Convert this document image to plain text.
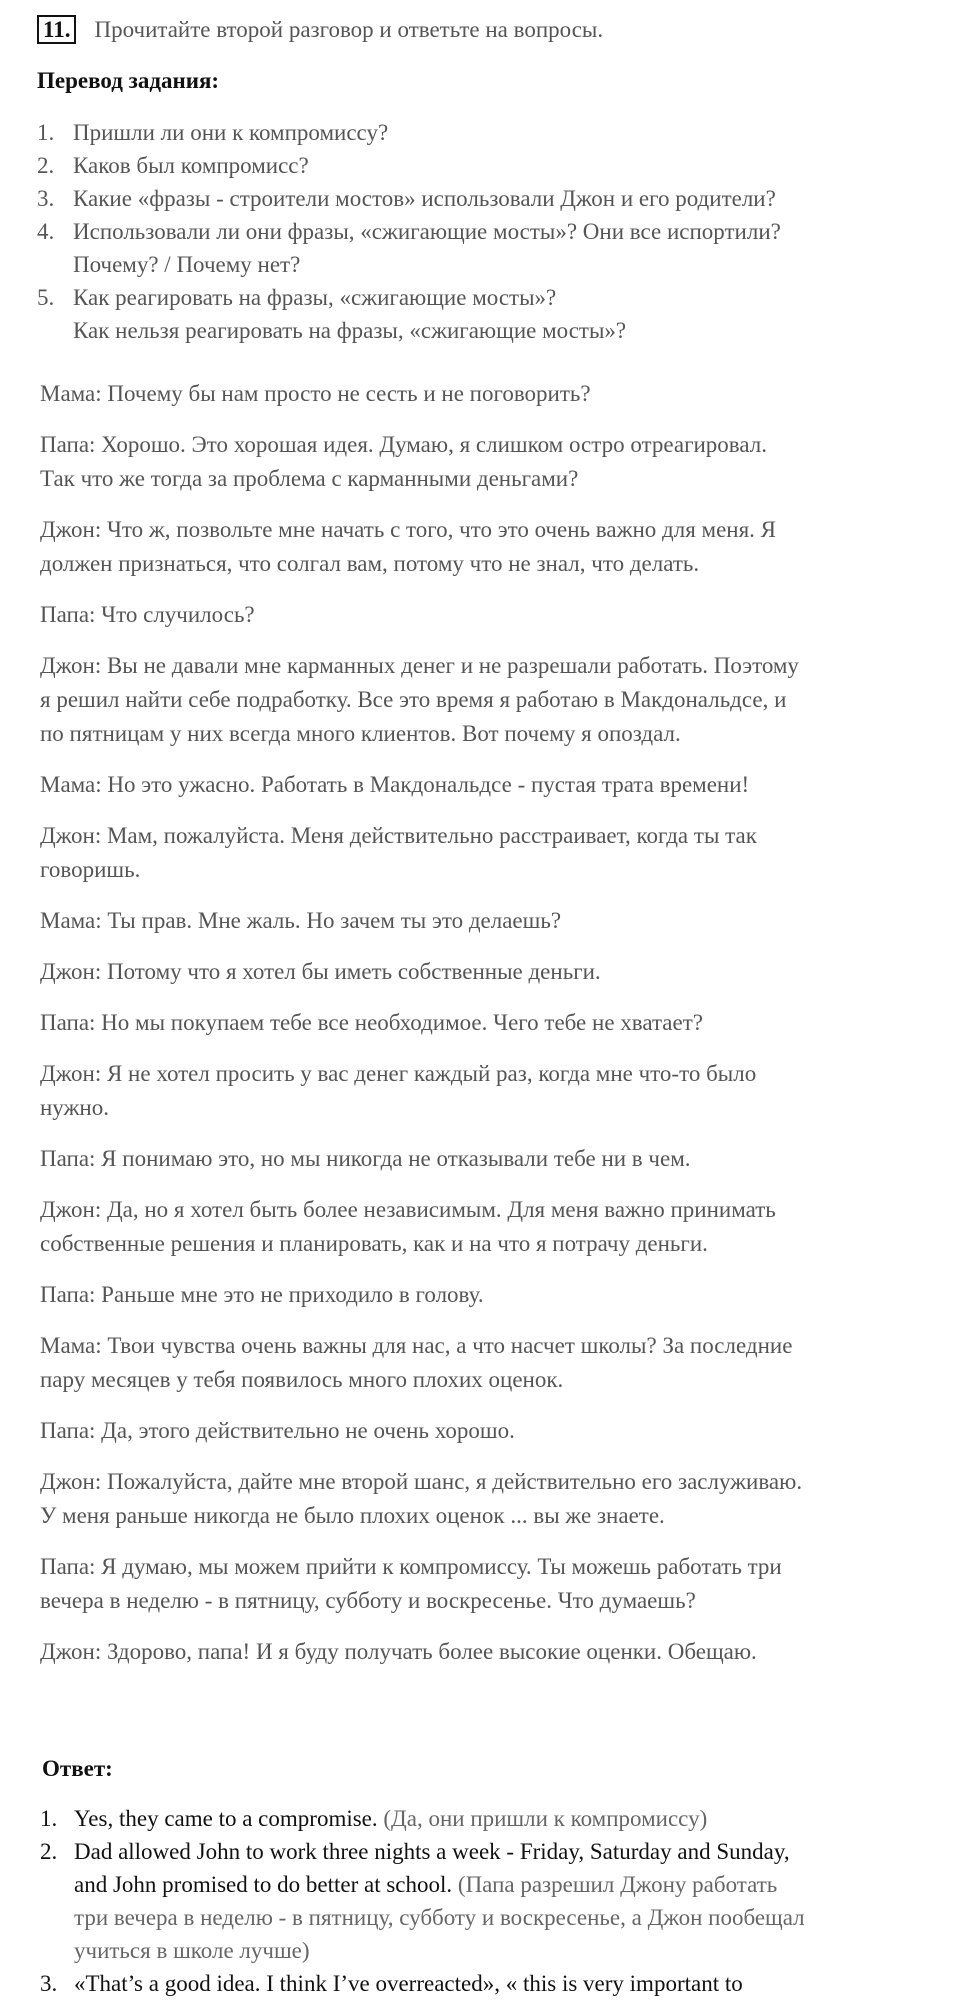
11. Прочитайте второй разговор и ответьте на вопросы.
Перевод задания:
1. Пришли ли они к компромиссу?
2. Каков был компромисс?
3. Какие «фразы - строители мостов» использовали Джон и его родители?
4. Использовали ли они фразы, «сжигающие мосты»? Они все испортили?
Почему? / Почему нет?
5. Как реагировать на фразы, «сжигающие мосты»?
Как нельзя реагировать на фразы, «сжигающие мосты»?

Мама: Почему бы нам просто не сесть и не поговорить?

Папа: Хорошо. Это хорошая идея. Думаю, я слишком остро отреагировал.
Так что же тогда за проблема с карманными деньгами?

Джон: Что ж, позвольте мне начать с того, что это очень важно для меня. Я
должен признаться, что солгал вам, потому что не знал, что делать.

Папа: Что случилось?

Джон: Вы не давали мне карманных денег и не разрешали работать. Поэтому
я решил найти себе подработку. Все это время я работаю в Макдональдсе, и
по пятницам у них всегда много клиентов. Вот почему я опоздал.

Мама: Но это ужасно. Работать в Макдональдсе - пустая трата времени!

Джон: Мам, пожалуйста. Меня действительно расстраивает, когда ты так
говоришь.

Мама: Ты прав. Мне жаль. Но зачем ты это делаешь?

Джон: Потому что я хотел бы иметь собственные деньги.

Папа: Но мы покупаем тебе все необходимое. Чего тебе не хватает?

Джон: Я не хотел просить у вас денег каждый раз, когда мне что-то было
нужно.

Папа: Я понимаю это, но мы никогда не отказывали тебе ни в чем.

Джон: Да, но я хотел быть более независимым. Для меня важно принимать
собственные решения и планировать, как и на что я потрачу деньги.

Папа: Раньше мне это не приходило в голову.

Мама: Твои чувства очень важны для нас, а что насчет школы? За последние
пару месяцев у тебя появилось много плохих оценок.

Папа: Да, этого действительно не очень хорошо.

Джон: Пожалуйста, дайте мне второй шанс, я действительно его заслуживаю.
У меня раньше никогда не было плохих оценок ... вы же знаете.

Папа: Я думаю, мы можем прийти к компромиссу. Ты можешь работать три
вечера в неделю - в пятницу, субботу и воскресенье. Что думаешь?

Джон: Здорово, папа! И я буду получать более высокие оценки. Обещаю.

Ответ:
1. Yes, they came to a compromise. (Да, они пришли к компромиссу)
2. Dad allowed John to work three nights a week - Friday, Saturday and Sunday,
and John promised to do better at school. (Папа разрешил Джону работать
три вечера в неделю - в пятницу, субботу и воскресенье, а Джон пообещал
учиться в школе лучше)
3. «That’s a good idea. I think I’ve overreacted», « this is very important to
